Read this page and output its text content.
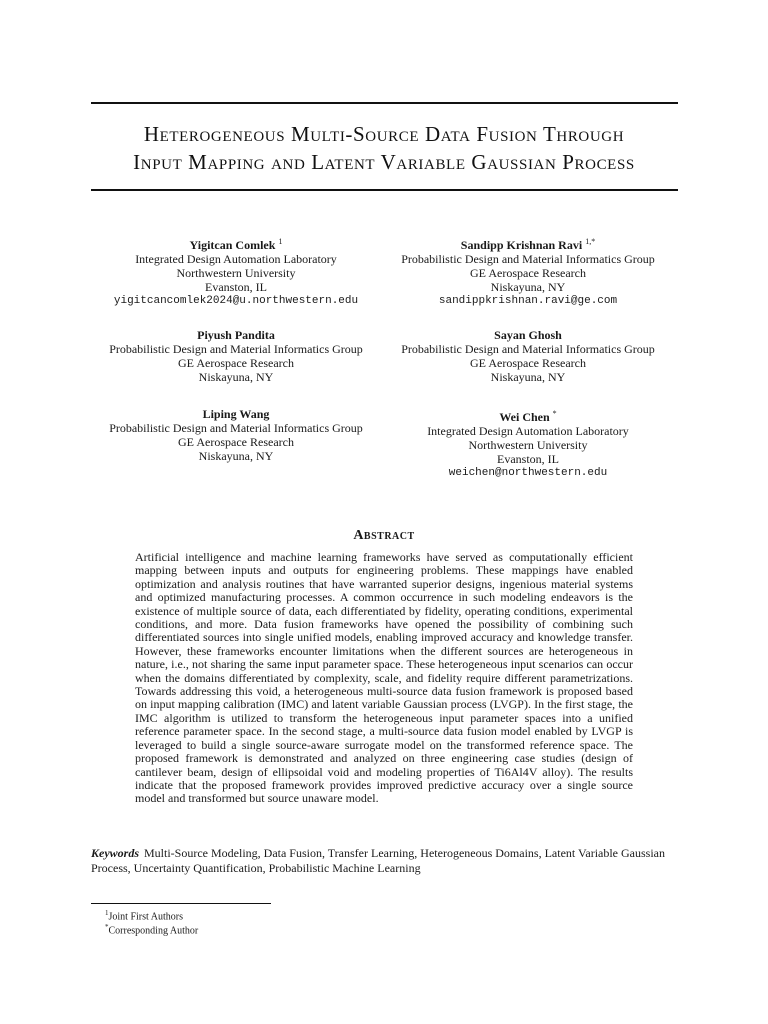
Heterogeneous Multi-Source Data Fusion Through
Input Mapping and Latent Variable Gaussian Process
Yigitcan Comlek $^1$
Integrated Design Automation Laboratory
Northwestern University
Evanston, IL
yigitcancomlek2024@u.northwestern.edu
Sandipp Krishnan Ravi $^{1,*}$
Probabilistic Design and Material Informatics Group
GE Aerospace Research
Niskayuna, NY
sandippkrishnan.ravi@ge.com
Piyush Pandita
Probabilistic Design and Material Informatics Group
GE Aerospace Research
Niskayuna, NY
Sayan Ghosh
Probabilistic Design and Material Informatics Group
GE Aerospace Research
Niskayuna, NY
Liping Wang
Probabilistic Design and Material Informatics Group
GE Aerospace Research
Niskayuna, NY
Wei Chen *
Integrated Design Automation Laboratory
Northwestern University
Evanston, IL
weichen@northwestern.edu
Abstract

Artificial intelligence and machine learning frameworks have served as computationally efficient mapping between inputs and outputs for engineering problems. These mappings have enabled optimization and analysis routines that have warranted superior designs, ingenious material systems and optimized manufacturing processes. A common occurrence in such modeling endeavors is the existence of multiple source of data, each differentiated by fidelity, operating conditions, experimental conditions, and more. Data fusion frameworks have opened the possibility of combining such differentiated sources into single unified models, enabling improved accuracy and knowledge transfer. However, these frameworks encounter limitations when the different sources are heterogeneous in nature, i.e., not sharing the same input parameter space. These heterogeneous input scenarios can occur when the domains differentiated by complexity, scale, and fidelity require different parametrizations. Towards addressing this void, a heterogeneous multi-source data fusion framework is proposed based on input mapping calibration (IMC) and latent variable Gaussian process (LVGP). In the first stage, the IMC algorithm is utilized to transform the heterogeneous input parameter spaces into a unified reference parameter space. In the second stage, a multi-source data fusion model enabled by LVGP is leveraged to build a single source-aware surrogate model on the transformed reference space. The proposed framework is demonstrated and analyzed on three engineering case studies (design of cantilever beam, design of ellipsoidal void and modeling properties of Ti6Al4V alloy). The results indicate that the proposed framework provides improved predictive accuracy over a single source model and transformed but source unaware model.

Keywords Multi-Source Modeling, Data Fusion, Transfer Learning, Heterogeneous Domains, Latent Variable Gaussian Process, Uncertainty Quantification, Probabilistic Machine Learning

$^1$Joint First Authors
*Corresponding Author
